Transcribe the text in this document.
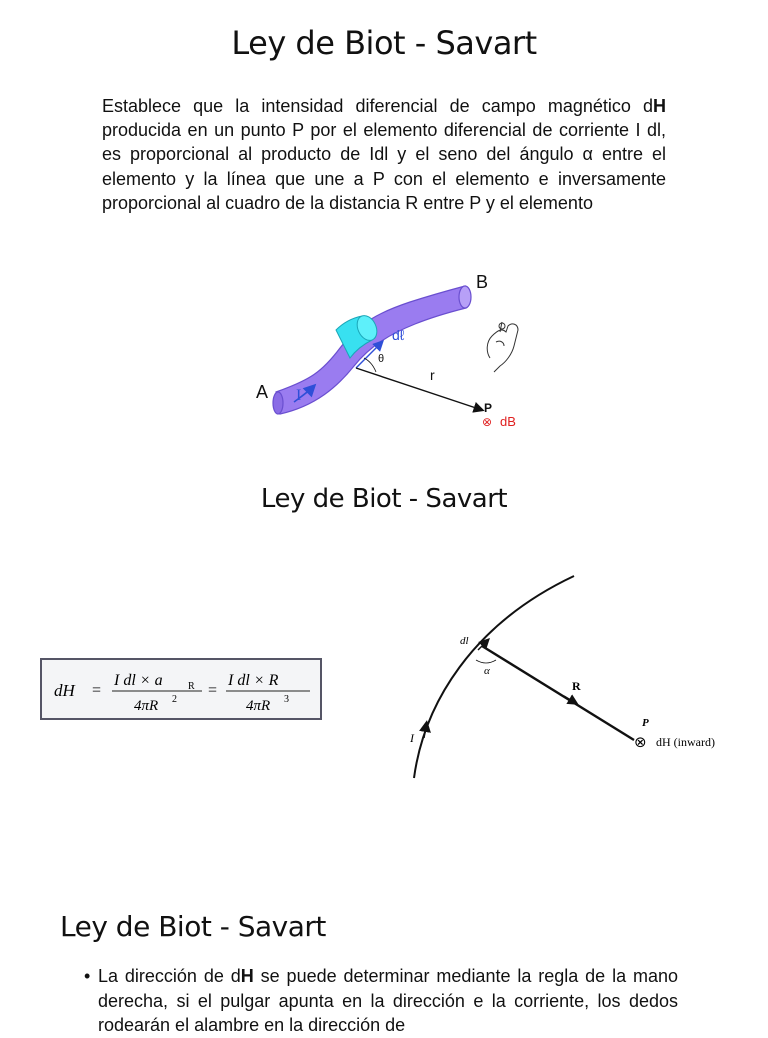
Ley de Biot - Savart

Establece que la intensidad diferencial de campo magnético dH producida en un punto P por el elemento diferencial de corriente I dl, es proporcional al producto de Idl y el seno del ángulo α entre el elemento y la línea que une a P con el elemento e inversamente proporcional al cuadro de la distancia R entre P y el elemento

I
dℓ
θ
r
A
B
P
⊗ dB
Ley de Biot - Savart
dH =
I dl × a	R
4πR 2
=
I dl × R
4πR 3
I
dl
α
R
P
⊗ dH (inward)
Ley de Biot - Savart
• La dirección de dH se puede determinar mediante la regla de la mano derecha, si el pulgar apunta en la dirección e la corriente, los dedos rodearán el alambre en la dirección de
